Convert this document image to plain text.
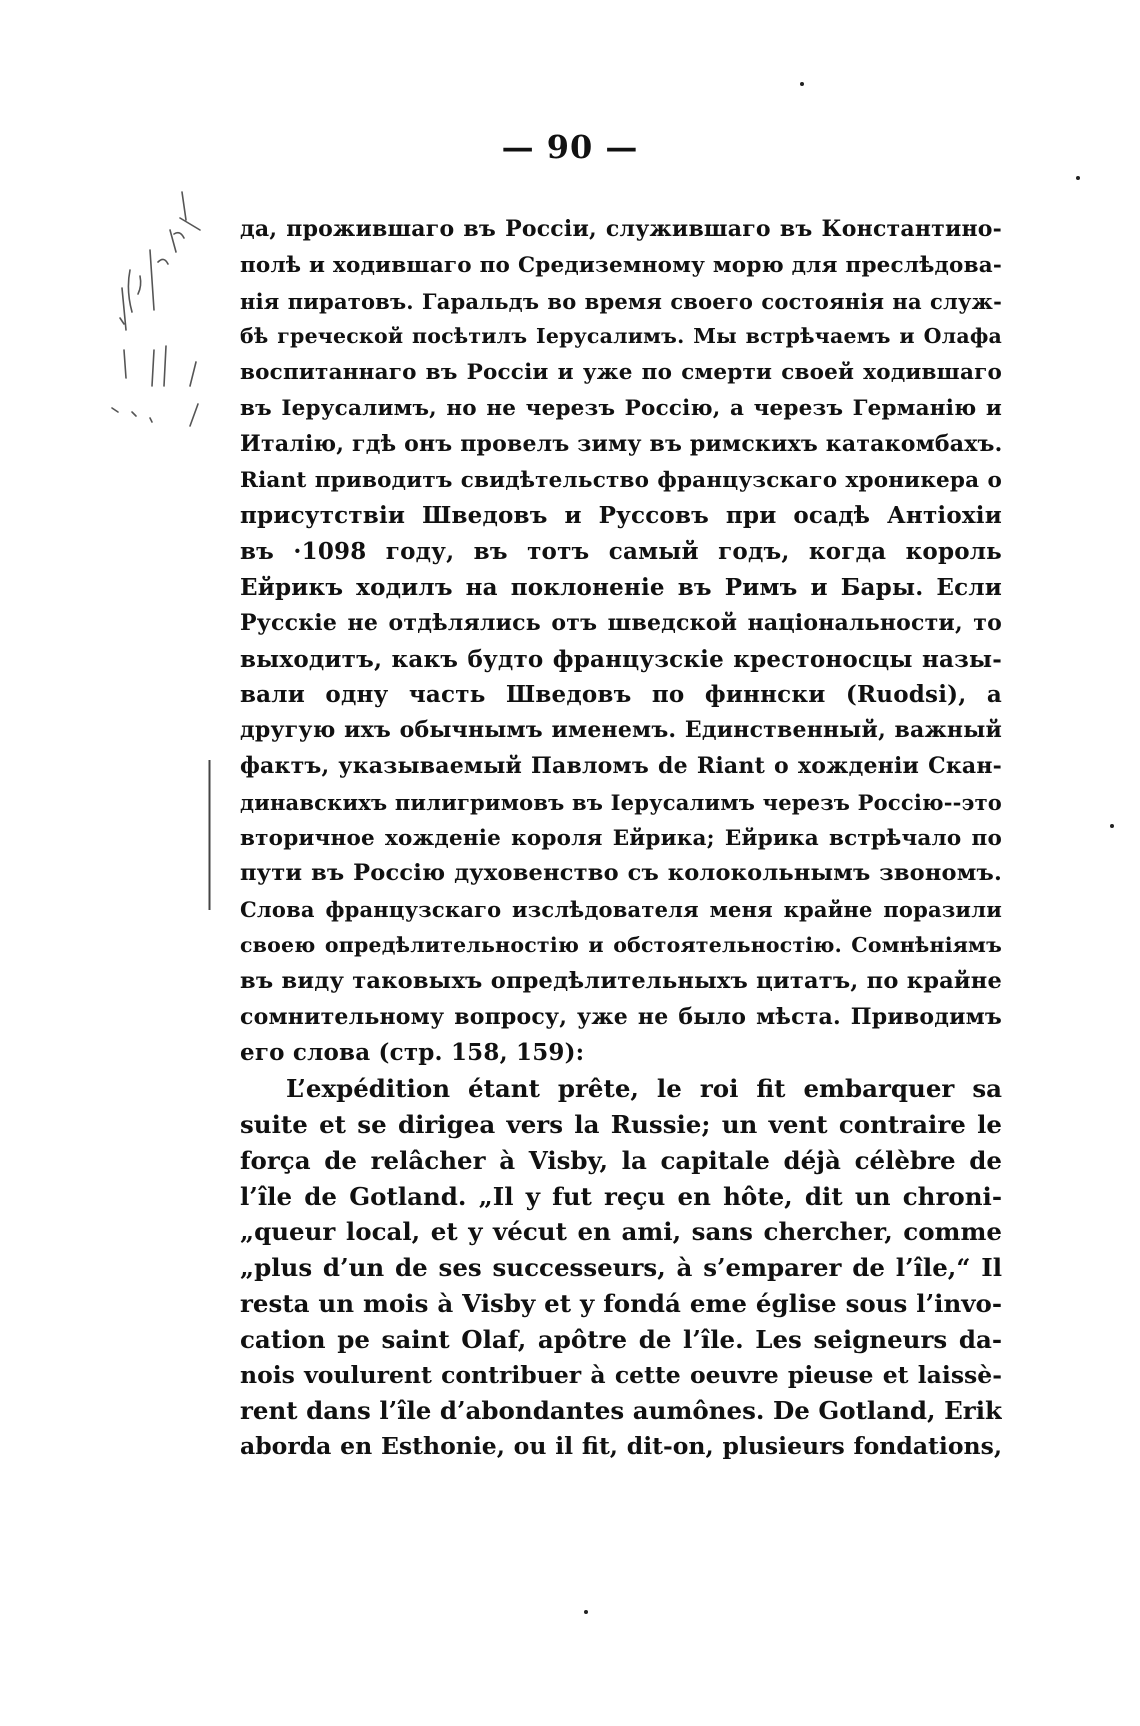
— 90 —
да, прожившаго въ Россіи, служившаго въ Константино-
полѣ и ходившаго по Средиземному морю для преслѣдова-
нія пиратовъ. Гаральдъ во время своего состоянія на служ-
бѣ греческой посѣтилъ Іерусалимъ. Мы встрѣчаемъ и Олафа
воспитаннаго въ Россіи и уже по смерти своей ходившаго
въ Іерусалимъ, но не черезъ Россію, а черезъ Германію и
Италію, гдѣ онъ провелъ зиму въ римскихъ катакомбахъ.
Riant приводитъ свидѣтельство французскаго хроникера о
присутствіи Шведовъ и Руссовъ при осадѣ Антіохіи
въ ·1098 году, въ тотъ самый годъ, когда король
Ейрикъ ходилъ на поклоненіе въ Римъ и Бары. Если
Русскіе не отдѣлялись отъ шведской національности, то
выходитъ, какъ будто французскіе крестоносцы назы-
вали одну часть Шведовъ по финнски (Ruodsi), а
другую ихъ обычнымъ именемъ. Единственный, важный
фактъ, указываемый Павломъ de Riant о хожденіи Скан-
динавскихъ пилигримовъ въ Іерусалимъ черезъ Россію--это
вторичное хожденіе короля Ейрика; Ейрика встрѣчало по
пути въ Россію духовенство съ колокольнымъ звономъ.
Слова французскаго изслѣдователя меня крайне поразили
своею опредѣлительностію и обстоятельностію. Сомнѣніямъ
въ виду таковыхъ опредѣлительныхъ цитатъ, по крайне
сомнительному вопросу, уже не было мѣста. Приводимъ
его слова (стр. 158, 159):
L’expédition étant prête, le roi fit embarquer sa
suite et se dirigea vers la Russie; un vent contraire le
força de relâcher à Visby, la capitale déjà célèbre de
l’île de Gotland. „Il y fut reçu en hôte, dit un chroni-
„queur local, et y vécut en ami, sans chercher, comme
„plus d’un de ses successeurs, à s’emparer de l’île,“ Il
resta un mois à Visby et y fondá eme église sous l’invo-
cation pe saint Olaf, apôtre de l’île. Les seigneurs da-
nois voulurent contribuer à cette oeuvre pieuse et laissè-
rent dans l’île d’abondantes aumônes. De Gotland, Erik
aborda en Esthonie, ou il fit, dit-on, plusieurs fondations,
